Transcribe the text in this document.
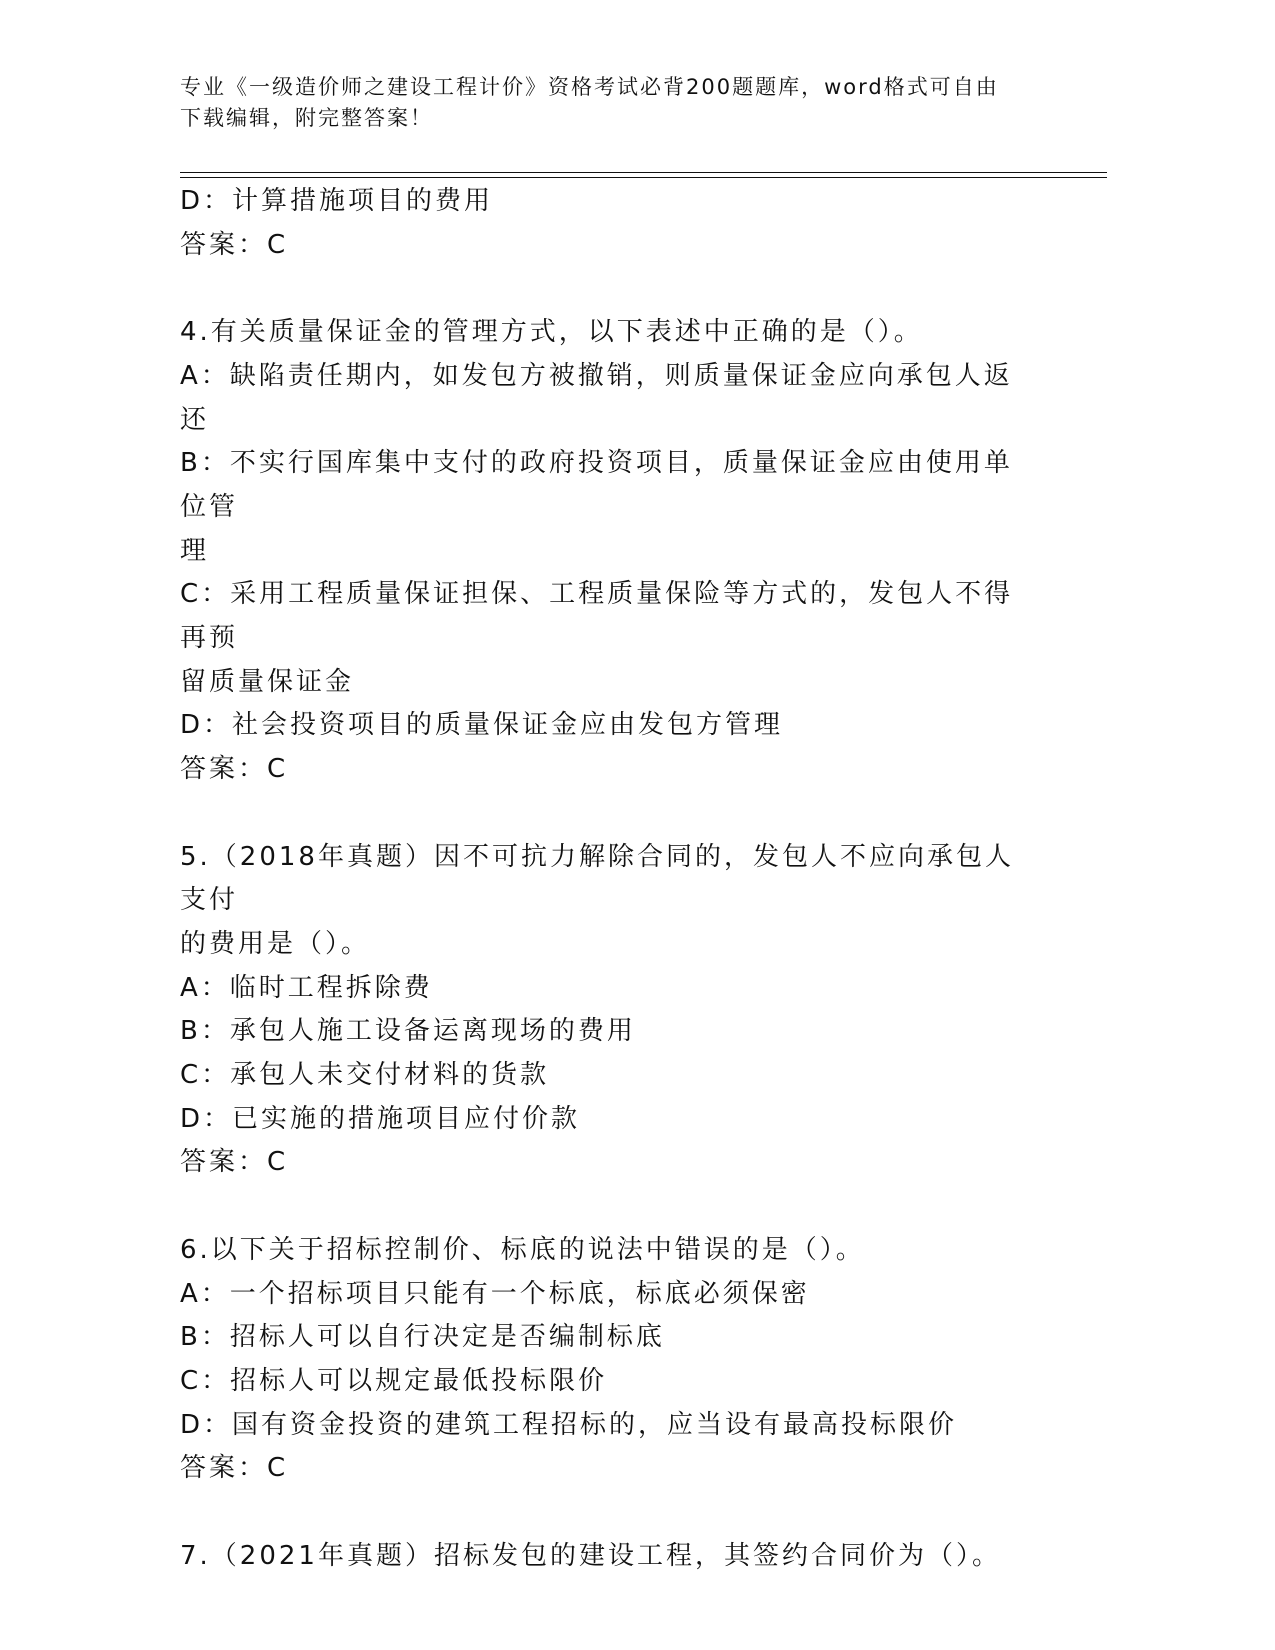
专业《一级造价师之建设工程计价》资格考试必背200题题库，word格式可自由
下载编辑，附完整答案！

D：计算措施项目的费用

答案：C

4.有关质量保证金的管理方式，以下表述中正确的是（）。

A：缺陷责任期内，如发包方被撤销，则质量保证金应向承包人返还

B：不实行国库集中支付的政府投资项目，质量保证金应由使用单位管

理

C：采用工程质量保证担保、工程质量保险等方式的，发包人不得再预

留质量保证金

D：社会投资项目的质量保证金应由发包方管理

答案：C

5.（2018年真题）因不可抗力解除合同的，发包人不应向承包人支付

的费用是（）。

A：临时工程拆除费

B：承包人施工设备运离现场的费用

C：承包人未交付材料的货款

D：已实施的措施项目应付价款

答案：C

6.以下关于招标控制价、标底的说法中错误的是（）。

A：一个招标项目只能有一个标底，标底必须保密

B：招标人可以自行决定是否编制标底

C：招标人可以规定最低投标限价

D：国有资金投资的建筑工程招标的，应当设有最高投标限价

答案：C

7.（2021年真题）招标发包的建设工程，其签约合同价为（）。
